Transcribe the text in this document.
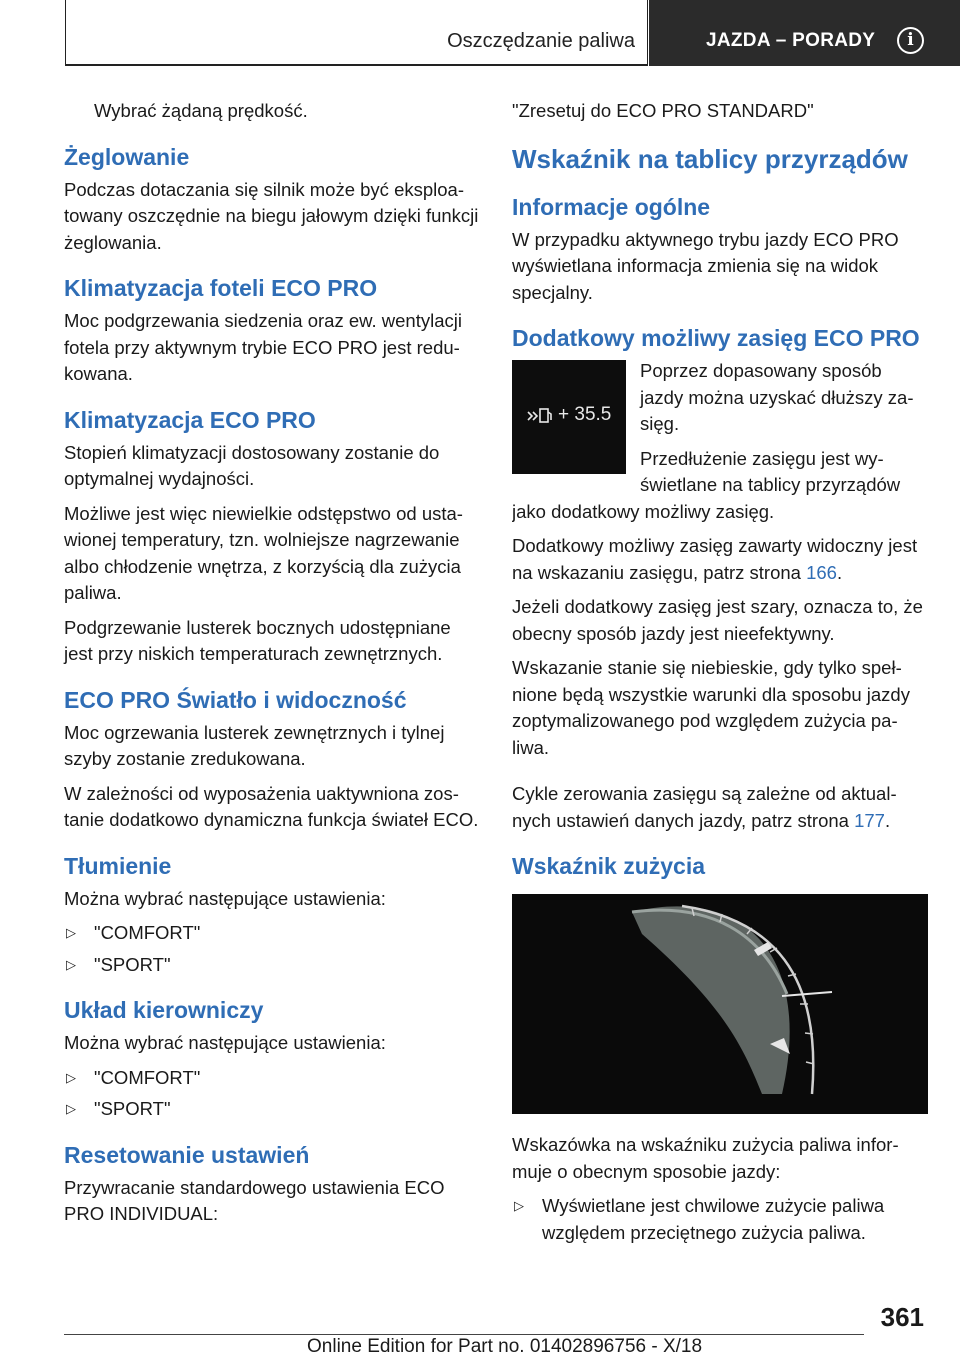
Oszczędzanie paliwa	JAZDA – PORADY	i

Wybrać żądaną prędkość.

Żeglowanie

Podczas dotaczania się silnik może być eksploatowany oszczędnie na biegu jałowym dzięki funkcji żeglowania.

Klimatyzacja foteli ECO PRO

Moc podgrzewania siedzenia oraz ew. wentylacji fotela przy aktywnym trybie ECO PRO jest redukowana.

Klimatyzacja ECO PRO

Stopień klimatyzacji dostosowany zostanie do optymalnej wydajności.

Możliwe jest więc niewielkie odstępstwo od ustawionej temperatury, tzn. wolniejsze nagrzewanie albo chłodzenie wnętrza, z korzyścią dla zużycia paliwa.

Podgrzewanie lusterek bocznych udostępniane jest przy niskich temperaturach zewnętrznych.

ECO PRO Światło i widoczność

Moc ogrzewania lusterek zewnętrznych i tylnej szyby zostanie zredukowana.

W zależności od wyposażenia uaktywniona zostanie dodatkowo dynamiczna funkcja świateł ECO.

Tłumienie

Można wybrać następujące ustawienia:

▷ "COMFORT"
▷ "SPORT"
Układ kierowniczy

Można wybrać następujące ustawienia:

▷ "COMFORT"
▷ "SPORT"
Resetowanie ustawień

Przywracanie standardowego ustawienia ECO PRO INDIVIDUAL:

"Zresetuj do ECO PRO STANDARD"

Wskaźnik na tablicy przyrządów
Informacje ogólne

W przypadku aktywnego trybu jazdy ECO PRO wyświetlana informacja zmienia się na widok specjalny.

Dodatkowy możliwy zasięg ECO PRO
+ 35.5

Poprzez dopasowany sposób jazdy można uzyskać dłuższy zasięg.

Przedłużenie zasięgu jest wyświetlane na tablicy przyrządów jako dodatkowy możliwy zasięg.

Dodatkowy możliwy zasięg zawarty widoczny jest na wskazaniu zasięgu, patrz strona 166.

Jeżeli dodatkowy zasięg jest szary, oznacza to, że obecny sposób jazdy jest nieefektywny.

Wskazanie stanie się niebieskie, gdy tylko spełnione będą wszystkie warunki dla sposobu jazdy zoptymalizowanego pod względem zużycia paliwa.

Cykle zerowania zasięgu są zależne od aktualnych ustawień danych jazdy, patrz strona 177.

Wskaźnik zużycia

Wskazówka na wskaźniku zużycia paliwa informuje o obecnym sposobie jazdy:

▷ Wyświetlane jest chwilowe zużycie paliwa względem przeciętnego zużycia paliwa.
361
Online Edition for Part no. 01402896756 - X/18
